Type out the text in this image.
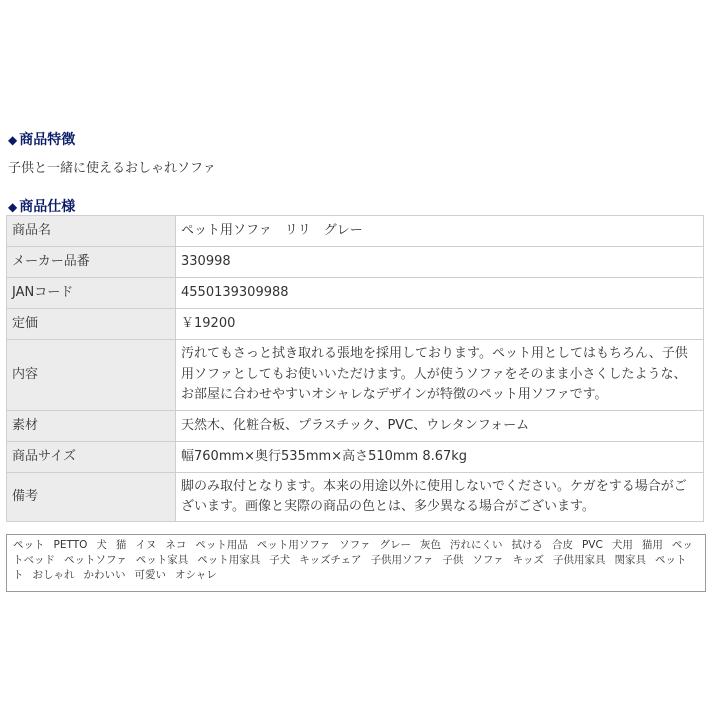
◆ 商品特徴

子供と一緒に使えるおしゃれソファ

◆ 商品仕様
商品名	ペット用ソファ　リリ　グレー
メーカー品番	330998
JANコード	4550139309988
定価	￥19200
内容	汚れてもさっと拭き取れる張地を採用しております。ペット用としてはもちろん、子供用ソファとしてもお使いいただけます。人が使うソファをそのまま小さくしたような、お部屋に合わせやすいオシャレなデザインが特徴のペット用ソファです。
素材	天然木、化粧合板、プラスチック、PVC、ウレタンフォーム
商品サイズ	幅760mm×奥行535mm×高さ510mm 8.67kg
備考	脚のみ取付となります。本来の用途以外に使用しないでください。ケガをする場合がございます。画像と実際の商品の色とは、多少異なる場合がございます。
ペット PETTO 犬 猫 イヌ ネコ ペット用品 ペット用ソファ ソファ グレー 灰色 汚れにくい 拭ける 合皮 PVC 犬用 猫用 ペットベッド ペットソファ ペット家具 ペット用家具 子犬 キッズチェア 子供用ソファ 子供 ソファ キッズ 子供用家具 関家具 ペットト おしゃれ かわいい 可愛い オシャレ
